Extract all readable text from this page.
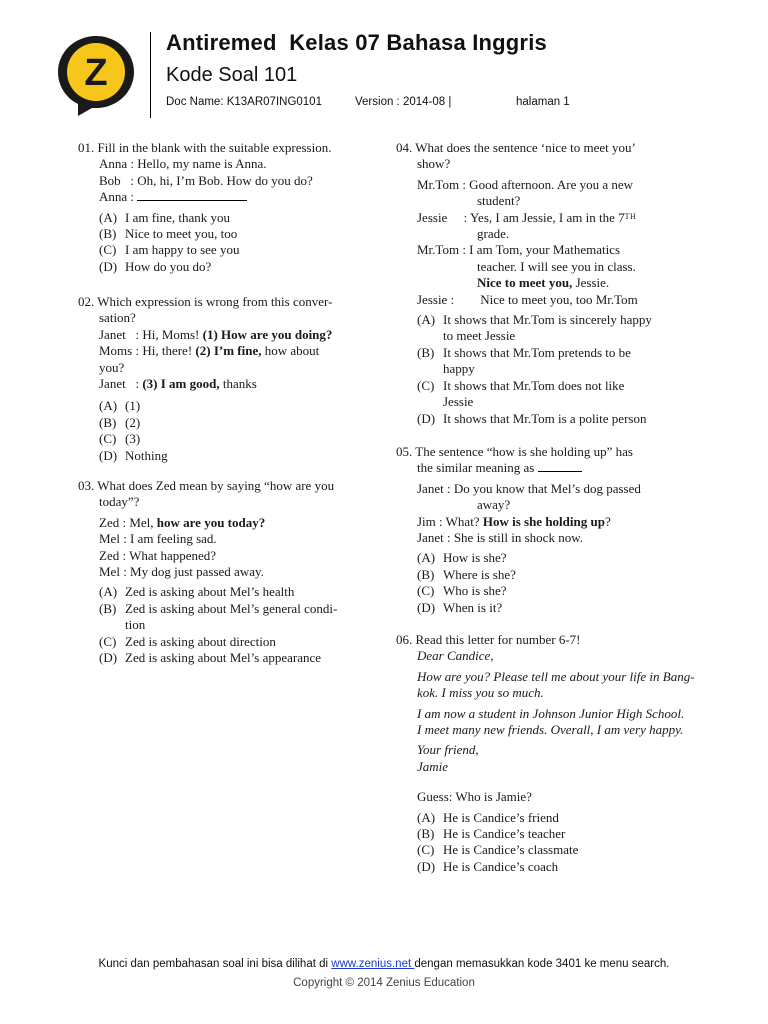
Z
Antiremed  Kelas 07 Bahasa Inggris
Kode Soal 101
Doc Name: K13AR07ING0101	Version : 2014-08 |	halaman 1
01. Fill in the blank with the suitable expression.
Anna : Hello, my name is Anna.
Bob   : Oh, hi, I’m Bob. How do you do?
Anna :
(A) I am fine, thank you
(B) Nice to meet you, too
(C) I am happy to see you
(D) How do you do?
02. Which expression is wrong from this conver-
sation?
Janet   : Hi, Moms! (1) How are you doing?
Moms : Hi, there! (2) I’m fine, how about
you?
Janet   : (3) I am good, thanks
(A) (1)
(B) (2)
(C) (3)
(D) Nothing
03. What does Zed mean by saying “how are you
today”?
Zed : Mel, how are you today?
Mel : I am feeling sad.
Zed : What happened?
Mel : My dog just passed away.
(A) Zed is asking about Mel’s health
(B) Zed is asking about Mel’s general condi-
tion
(C) Zed is asking about direction
(D) Zed is asking about Mel’s appearance
04. What does the sentence ‘nice to meet you’
show?
Mr.Tom : Good afternoon. Are you a new
student?
Jessie     : Yes, I am Jessie, I am in the 7TH
grade.
Mr.Tom : I am Tom, your Mathematics
teacher. I will see you in class.
Nice to meet you, Jessie.
Jessie :        Nice to meet you, too Mr.Tom
(A) It shows that Mr.Tom is sincerely happy
to meet Jessie
(B) It shows that Mr.Tom pretends to be
happy
(C) It shows that Mr.Tom does not like
Jessie
(D) It shows that Mr.Tom is a polite person
05. The sentence “how is she holding up” has
the similar meaning as
Janet : Do you know that Mel’s dog passed
away?
Jim : What? How is she holding up?
Janet : She is still in shock now.
(A) How is she?
(B) Where is she?
(C) Who is she?
(D) When is it?
06. Read this letter for number 6-7!
Dear Candice,
How are you? Please tell me about your life in Bang-
kok. I miss you so much.
I am now a student in Johnson Junior High School.
I meet many new friends. Overall, I am very happy.
Your friend,
Jamie
Guess: Who is Jamie?
(A) He is Candice’s friend
(B) He is Candice’s teacher
(C) He is Candice’s classmate
(D) He is Candice’s coach
Kunci dan pembahasan soal ini bisa dilihat di www.zenius.net dengan memasukkan kode 3401 ke menu search.
Copyright © 2014 Zenius Education
